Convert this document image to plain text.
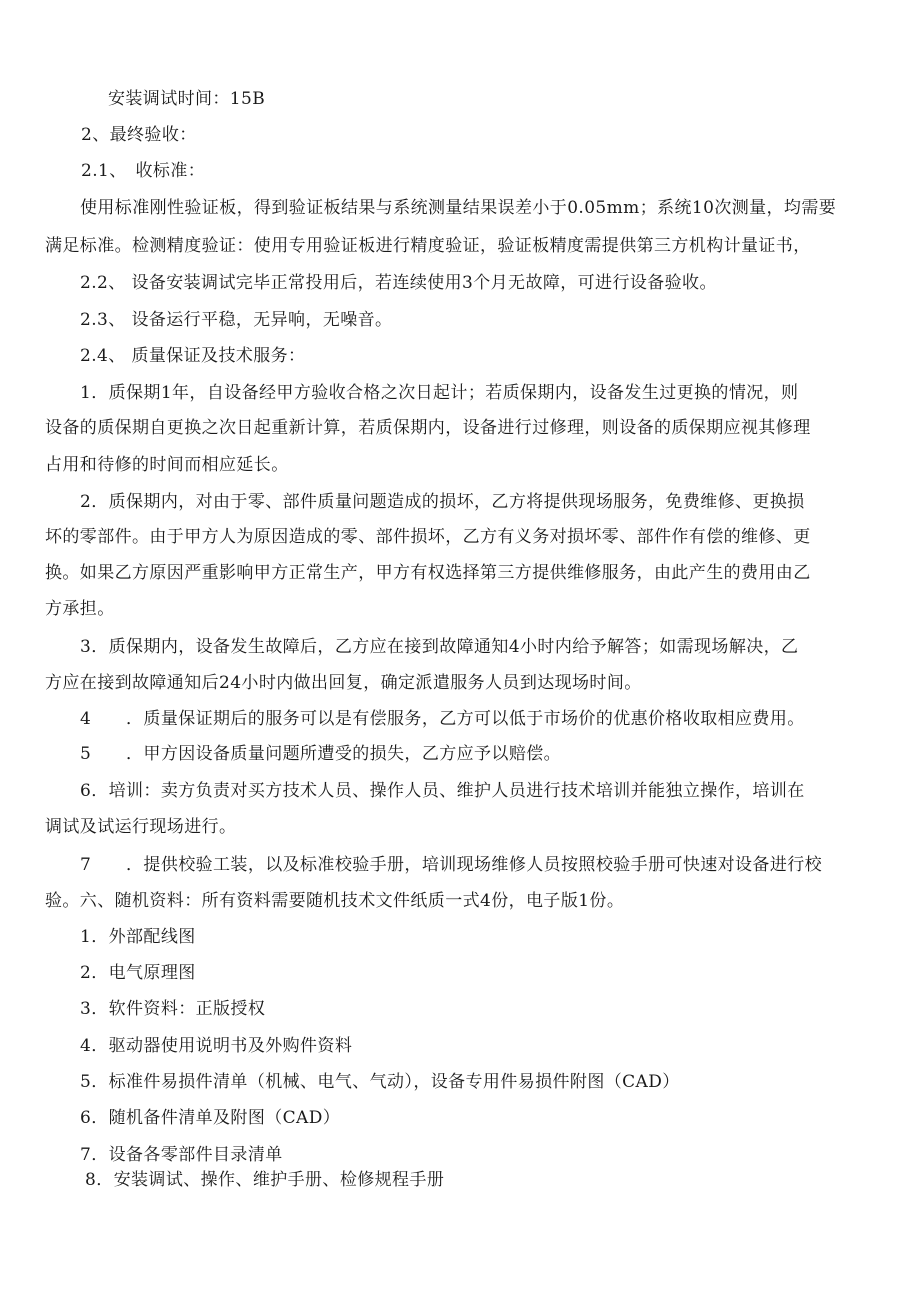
安装调试时间：15B
2、最终验收：
2.1、　收标准：
使用标准刚性验证板，得到验证板结果与系统测量结果误差小于0.05mm；系统10次测量，均需要
满足标准。检测精度验证：使用专用验证板进行精度验证，验证板精度需提供第三方机构计量证书，
2.2、 设备安装调试完毕正常投用后，若连续使用3个月无故障，可进行设备验收。
2.3、 设备运行平稳，无异响，无噪音。
2.4、 质量保证及技术服务：
1．质保期1年，自设备经甲方验收合格之次日起计；若质保期内，设备发生过更换的情况，则
设备的质保期自更换之次日起重新计算，若质保期内，设备进行过修理，则设备的质保期应视其修理
占用和待修的时间而相应延长。
2．质保期内，对由于零、部件质量问题造成的损坏，乙方将提供现场服务，免费维修、更换损
坏的零部件。由于甲方人为原因造成的零、部件损坏，乙方有义务对损坏零、部件作有偿的维修、更
换。如果乙方原因严重影响甲方正常生产，甲方有权选择第三方提供维修服务，由此产生的费用由乙
方承担。
3．质保期内，设备发生故障后，乙方应在接到故障通知4小时内给予解答；如需现场解决，乙
方应在接到故障通知后24小时内做出回复，确定派遣服务人员到达现场时间。
4　　．质量保证期后的服务可以是有偿服务，乙方可以低于市场价的优惠价格收取相应费用。
5　　．甲方因设备质量问题所遭受的损失，乙方应予以赔偿。
6．培训：卖方负责对买方技术人员、操作人员、维护人员进行技术培训并能独立操作，培训在
调试及试运行现场进行。
7　　．提供校验工装，以及标准校验手册，培训现场维修人员按照校验手册可快速对设备进行校
验。六、随机资料：所有资料需要随机技术文件纸质一式4份，电子版1份。
1．外部配线图
2．电气原理图
3．软件资料：正版授权
4．驱动器使用说明书及外购件资料
5．标准件易损件清单（机械、电气、气动），设备专用件易损件附图（CAD）
6．随机备件清单及附图（CAD）
7．设备各零部件目录清单
8．安装调试、操作、维护手册、检修规程手册
